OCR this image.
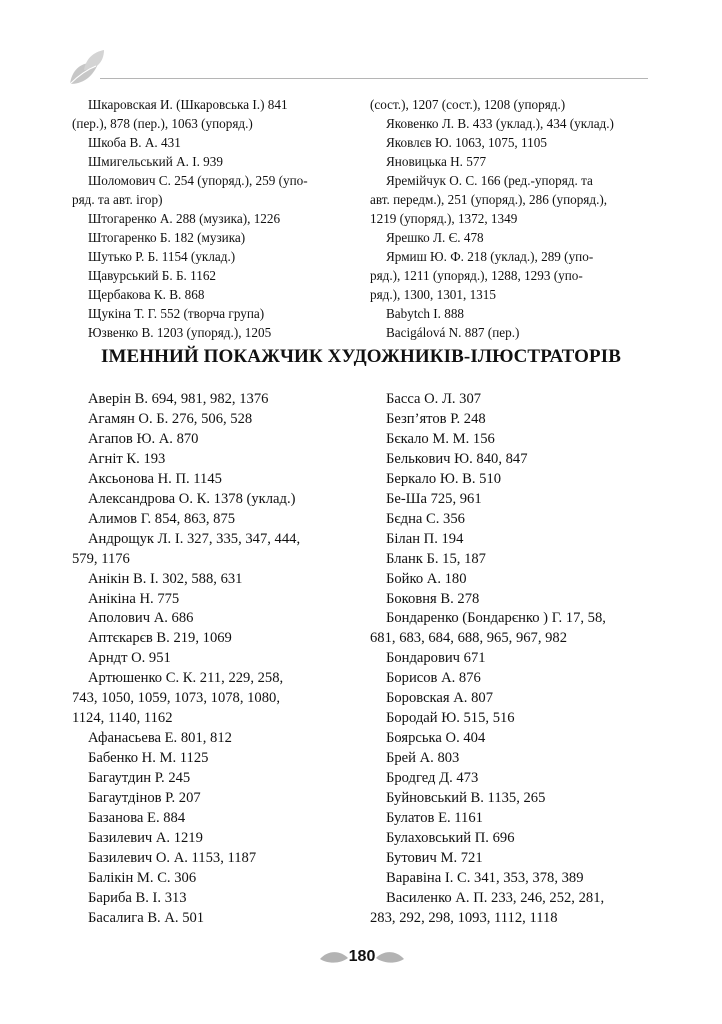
Шкаровская И. (Шкаровська І.) 841

(пер.), 878 (пер.), 1063 (упоряд.)

Шкоба В. А. 431

Шмигельський А. І. 939

Шоломович С. 254 (упоряд.), 259 (упо-

ряд. та авт. ігор)

Штогаренко А. 288 (музика), 1226

Штогаренко Б. 182 (музика)

Шутько Р. Б. 1154 (уклад.)

Щавурський Б. Б. 1162

Щербакова К. В. 868

Щукіна Т. Г. 552 (творча група)

Юзвенко В. 1203 (упоряд.), 1205

(сост.), 1207 (сост.), 1208 (упоряд.)

Яковенко Л. В. 433 (уклад.), 434 (уклад.)

Яковлєв Ю. 1063, 1075, 1105

Яновицька Н. 577

Яремійчук О. С. 166 (ред.-упоряд. та

авт. передм.), 251 (упоряд.), 286 (упоряд.),

1219 (упоряд.), 1372, 1349

Ярешко Л. Є. 478

Ярмиш Ю. Ф. 218 (уклад.), 289 (упо-

ряд.), 1211 (упоряд.), 1288, 1293 (упо-

ряд.), 1300, 1301, 1315

Babytch I. 888

Bacigálová N. 887 (пер.)

ІМЕННИЙ ПОКАЖЧИК ХУДОЖНИКІВ-ІЛЮСТРАТОРІВ

Аверін В. 694, 981, 982, 1376

Агамян О. Б. 276, 506, 528

Агапов Ю. А. 870

Агніт К. 193

Аксьонова Н. П. 1145

Александрова О. К. 1378 (уклад.)

Алимов Г. 854, 863, 875

Андрощук Л. І. 327, 335, 347, 444,

579, 1176

Анікін В. І. 302, 588, 631

Анікіна Н. 775

Аполович А. 686

Аптєкарєв В. 219, 1069

Арндт О. 951

Артюшенко С. К. 211, 229, 258,

743, 1050, 1059, 1073, 1078, 1080,

1124, 1140, 1162

Афанасьева Е. 801, 812

Бабенко Н. М. 1125

Багаутдин Р. 245

Багаутдінов Р. 207

Базанова Е. 884

Базилевич А. 1219

Базилевич О. А. 1153, 1187

Балікін М. С. 306

Бариба В. І. 313

Басалига В. А. 501

Басса О. Л. 307

Безп’ятов Р. 248

Бєкало М. М. 156

Белькович Ю. 840, 847

Беркало Ю. В. 510

Бе-Ша 725, 961

Бєдна С. 356

Білан П. 194

Бланк Б. 15, 187

Бойко А. 180

Боковня В. 278

Бондаренко (Бондарєнко ) Г. 17, 58,

681, 683, 684, 688, 965, 967, 982

Бондарович 671

Борисов А. 876

Боровская А. 807

Бородай Ю. 515, 516

Боярська О. 404

Брей А. 803

Бродгед Д. 473

Буйновський В. 1135, 265

Булатов Е. 1161

Булаховський П. 696

Бутович М. 721

Варавіна І. С. 341, 353, 378, 389

Василенко А. П. 233, 246, 252, 281,

283, 292, 298, 1093, 1112, 1118

180
